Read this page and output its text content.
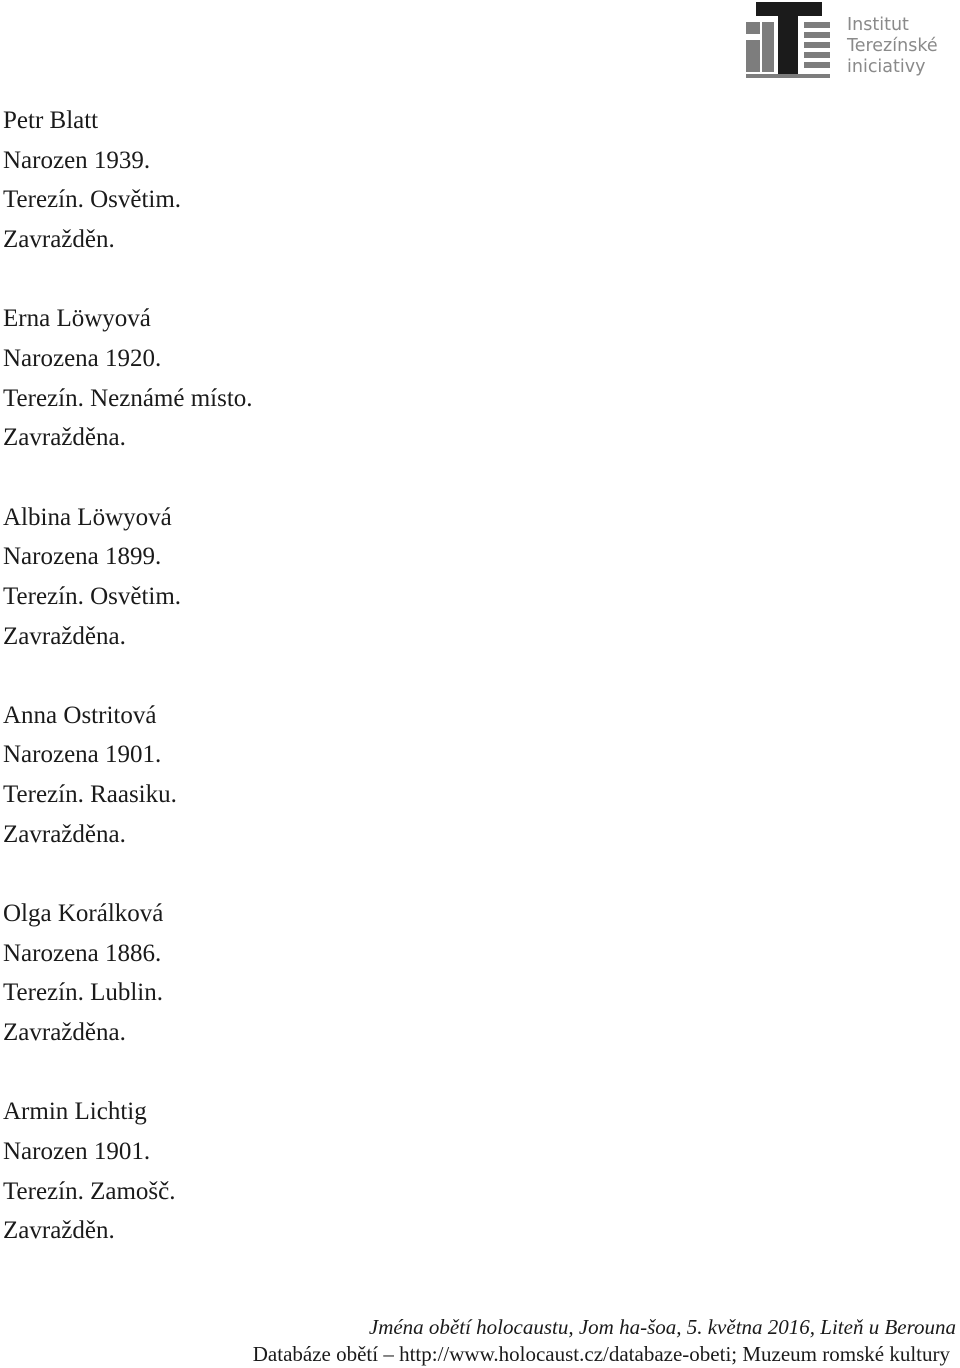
Institut
Terezínské
iniciativy
Petr Blatt
Narozen 1939.
Terezín. Osvětim.
Zavražděn.
Erna Löwyová
Narozena 1920.
Terezín. Neznámé místo.
Zavražděna.
Albina Löwyová
Narozena 1899.
Terezín. Osvětim.
Zavražděna.
Anna Ostritová
Narozena 1901.
Terezín. Raasiku.
Zavražděna.
Olga Korálková
Narozena 1886.
Terezín. Lublin.
Zavražděna.
Armin Lichtig
Narozen 1901.
Terezín. Zamošč.
Zavražděn.
Jména obětí holocaustu, Jom ha-šoa, 5. května 2016, Liteň u Berouna
Databáze obětí – http://www.holocaust.cz/databaze-obeti; Muzeum romské kultury
